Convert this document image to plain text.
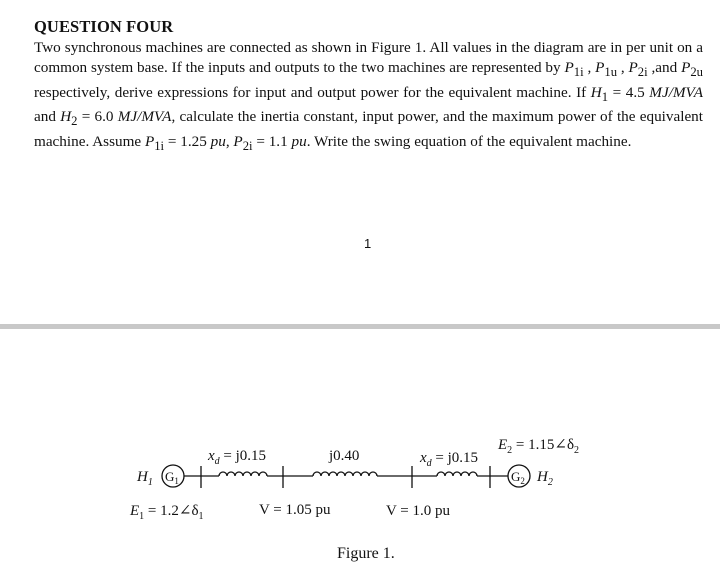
QUESTION FOUR
Two synchronous machines are connected as shown in Figure 1. All values in the diagram are in per unit on a common system base. If the inputs and outputs to the two machines are represented by $P_{1i}$ , $P_{1u}$ , $P_{2i}$ ,and $P_{2u}$ respectively, derive expressions for input and output power for the equivalent machine. If $H_1 = 4.5$ MJ/MVA and $H_2 = 6.0$ MJ/MVA, calculate the inertia constant, input power, and the maximum power of the equivalent machine. Assume $P_{1i} = 1.25$ pu, $P_{2i} = 1.1$ pu. Write the swing equation of the equivalent machine.
1
$H_1$ $G_1$
$E_1$ = $1.2\angle\delta_1$
$x_d = j0.15$	j0.40	$x_d = j0.15$
$E_2$ = $1.15\angle\delta_2$
$G_2$ $H_2$
V = 1.05 pu	V = 1.0 pu
Figure 1.
